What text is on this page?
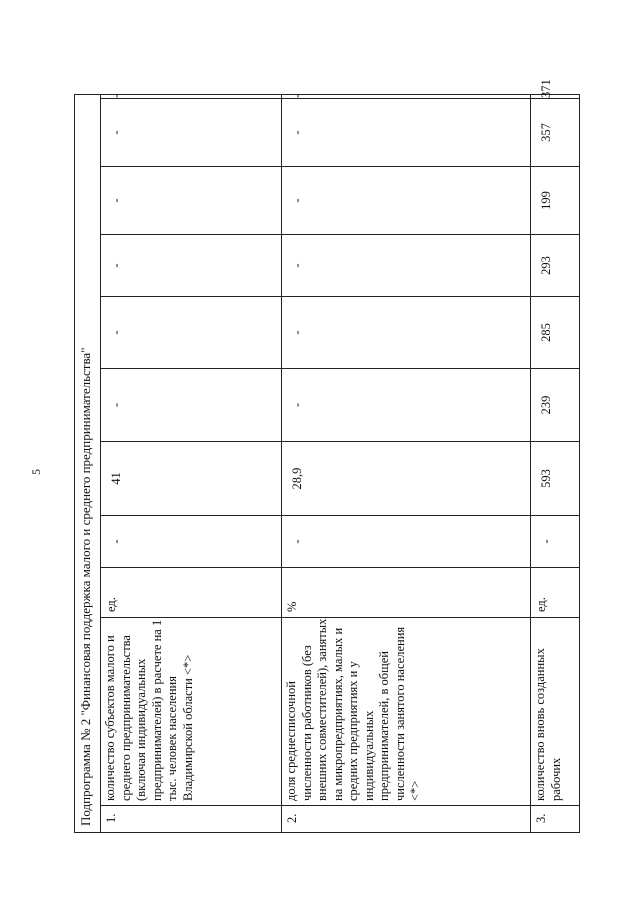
5	Подпрограмма № 2 "Финансовая поддержка малого и среднего предпринимательства"										
1.	количество субъектов малого и среднего предпринимательства (включая индивидуальных предпринимателей) в расчете на 1 тыс. человек населения Владимирской области <*>	ед.	-	41	-	-	-	-	-	-
2.	доля среднесписочной численности работников (без внешних совместителей), занятых на микропредприятиях, малых и средних предприятиях и у индивидуальных предпринимателей, в общей численности занятого населения <*>	%	-	28,9	-	-	-	-	-	-
3.	количество вновь созданных рабочих	ед.	-	593	239	285	293	199	357	371
